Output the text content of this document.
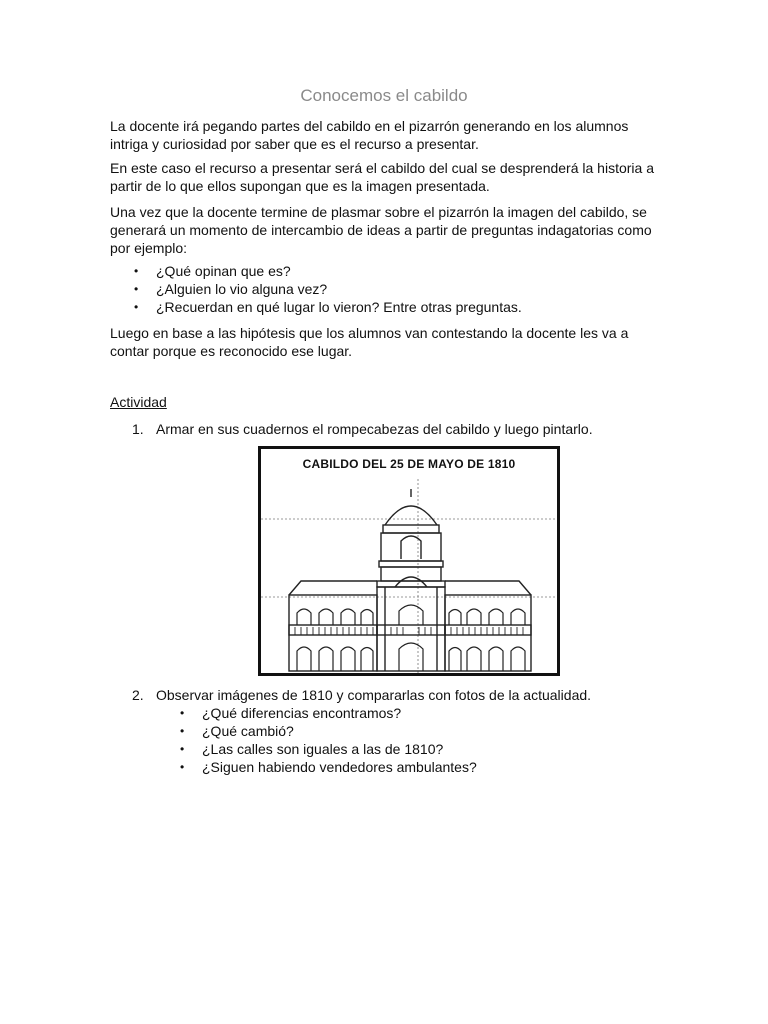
Conocemos el cabildo

La docente irá pegando partes del cabildo en el pizarrón generando en los alumnos intriga y curiosidad por saber que es el recurso a presentar.

En este caso el recurso a presentar será el cabildo del cual se desprenderá la historia a partir de lo que ellos supongan que es la imagen presentada.

Una vez que la docente termine de plasmar sobre el pizarrón la imagen del cabildo, se generará un momento de intercambio de ideas a partir de preguntas indagatorias como por ejemplo:

• ¿Qué opinan que es?
• ¿Alguien lo vio alguna vez?
• ¿Recuerdan en qué lugar lo vieron? Entre otras preguntas.

Luego en base a las hipótesis que los alumnos van contestando la docente les va a contar porque es reconocido ese lugar.

Actividad
1. Armar en sus cuadernos el rompecabezas del cabildo y luego pintarlo.
CABILDO DEL 25 DE MAYO DE 1810
2. Observar imágenes de 1810 y compararlas con fotos de la actualidad.
• ¿Qué diferencias encontramos?
• ¿Qué cambió?
• ¿Las calles son iguales a las de 1810?
• ¿Siguen habiendo vendedores ambulantes?
